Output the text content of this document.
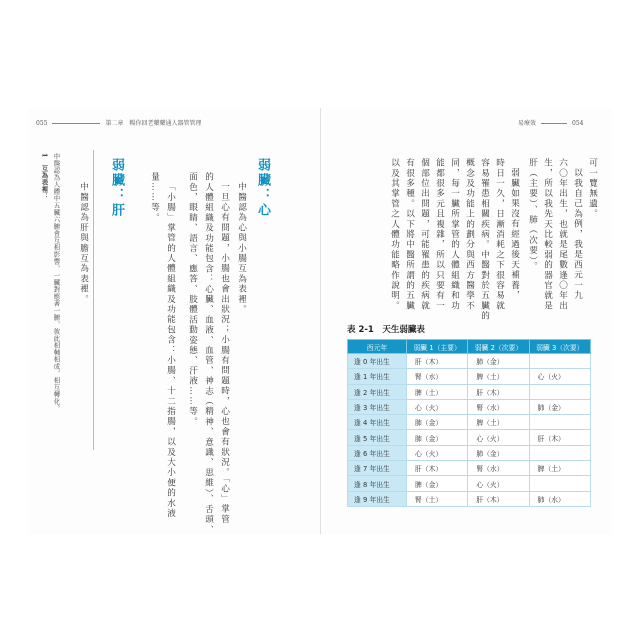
055	第二章　暢你回老藥藥通人器管管理	易療效	054
弱臟：心
中醫認為心與小腸互為表裡。
一旦心有問題，小腸也會出狀況；小腸有問題時，心也會有狀況。「心」掌管
的人體組織及功能包含：心臟、血液、血管、神志（精神、意識、思維）、舌頭、
面色，眼睛、語言、應答、肢體活動姿態、汗液……等。
「小腸」掌管的人體組織及功能包含：小腸、十二指腸，以及大小便的水液
量……等。
弱臟：肝
中醫認為肝與膽互為表裡。
1
互為表裡： 中醫認為人體中五臟六腑會互相影響，一臟對應著一腑，彼此相輔相成，相互轉化。	可一覽無遺。
以我自己為例，我是西元一九
六〇年出生，也就是尾數逢〇年出
生，所以我先天比較弱的器官就是
肝（主要）、肺（次要）。
弱臟如果沒有經過後天補養，
時日一久，日漸消耗之下很容易就
容易罹患相關疾病。中醫對於五臟的
概念及功能上的劃分與西方醫學不
同，每一臟所掌管的人體組織和功
能都很多元且複雜，所以只要有一
個部位出問題，可能罹患的疾病就
有很多種。以下將中醫所謂的五臟
以及其掌管之人體功能略作說明。
表 2-1　天生弱臟表
西元年	弱臟 1（主要）	弱臟 2（次要）	弱臟 3（次要）
逢 0 年出生	肝（木）	肺（金）	
逢 1 年出生	腎（水）	脾（土）	心（火）
逢 2 年出生	脾（土）	肝（木）	
逢 3 年出生	心（火）	腎（水）	肺（金）
逢 4 年出生	肺（金）	脾（土）	
逢 5 年出生	肺（金）	心（火）	肝（木）
逢 6 年出生	心（火）	肺（金）	
逢 7 年出生	肝（木）	腎（水）	脾（土）
逢 8 年出生	脾（金）	心（火）	
逢 9 年出生	腎（土）	肝（木）	肺（水）
